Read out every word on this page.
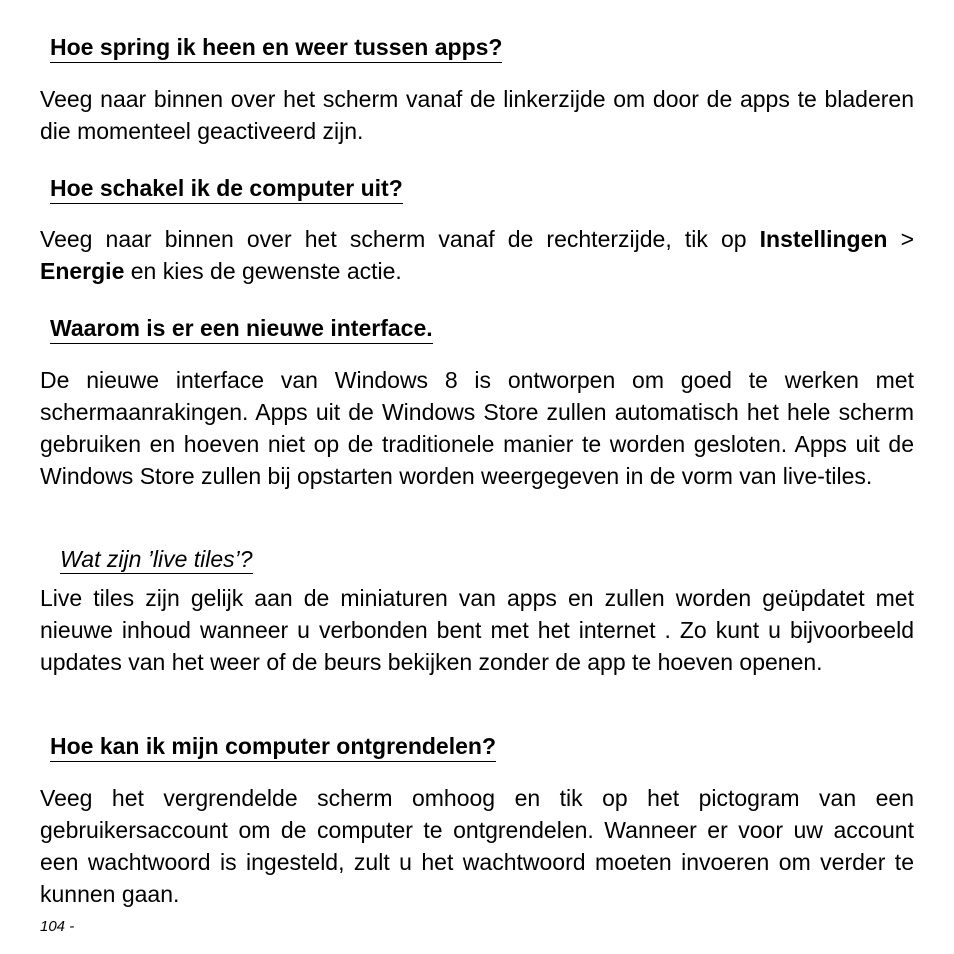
Hoe spring ik heen en weer tussen apps?

Veeg naar binnen over het scherm vanaf de linkerzijde om door de apps te bladeren die momenteel geactiveerd zijn.

Hoe schakel ik de computer uit?

Veeg naar binnen over het scherm vanaf de rechterzijde, tik op Instellingen > Energie en kies de gewenste actie.

Waarom is er een nieuwe interface.

De nieuwe interface van Windows 8 is ontworpen om goed te werken met schermaanrakingen. Apps uit de Windows Store zullen automatisch het hele scherm gebruiken en hoeven niet op de traditionele manier te worden gesloten. Apps uit de Windows Store zullen bij opstarten worden weergegeven in de vorm van live-tiles.

Wat zijn ’live tiles’?

Live tiles zijn gelijk aan de miniaturen van apps en zullen worden geüpdatet met nieuwe inhoud wanneer u verbonden bent met het internet . Zo kunt u bijvoorbeeld updates van het weer of de beurs bekijken zonder de app te hoeven openen.

Hoe kan ik mijn computer ontgrendelen?

Veeg het vergrendelde scherm omhoog en tik op het pictogram van een gebruikersaccount om de computer te ontgrendelen. Wanneer er voor uw account een wachtwoord is ingesteld, zult u het wachtwoord moeten invoeren om verder te kunnen gaan.

104 -
